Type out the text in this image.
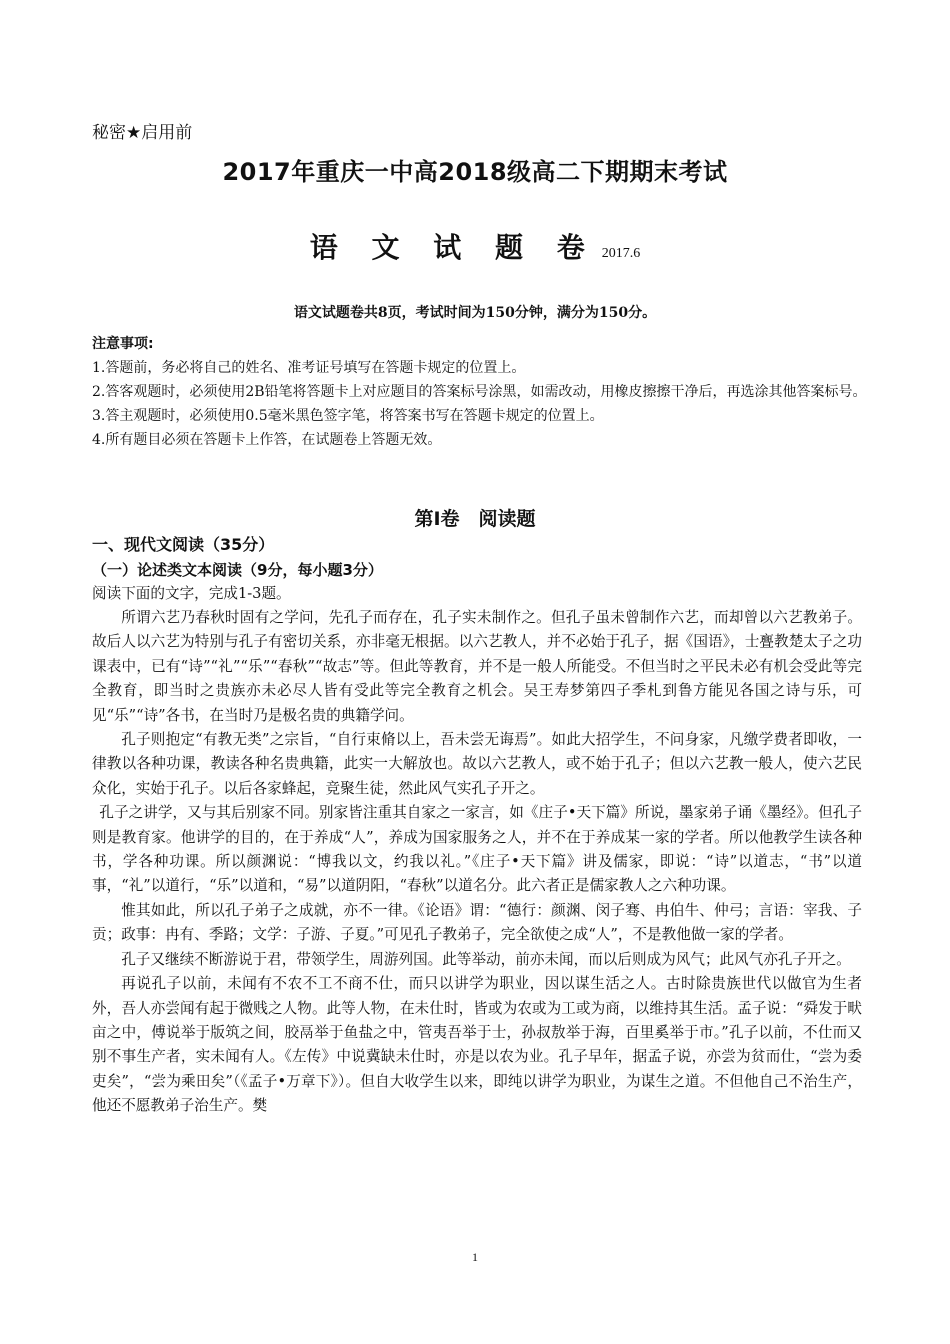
秘密★启用前
2017年重庆一中高2018级高二下期期末考试
语 文 试 题 卷 2017.6
语文试题卷共8页，考试时间为150分钟，满分为150分。
注意事项:
1.答题前，务必将自己的姓名、准考证号填写在答题卡规定的位置上。
2.答客观题时，必须使用2B铅笔将答题卡上对应题目的答案标号涂黑，如需改动，用橡皮擦擦干净后，再选涂其他答案标号。
3.答主观题时，必须使用0.5毫米黑色签字笔，将答案书写在答题卡规定的位置上。
4.所有题目必须在答题卡上作答，在试题卷上答题无效。
第Ⅰ卷　阅读题
一、现代文阅读（35分）
（一）论述类文本阅读（9分，每小题3分）
阅读下面的文字，完成1-3题。

所谓六艺乃春秋时固有之学问，先孔子而存在，孔子实未制作之。但孔子虽未曾制作六艺，而却曾以六艺教弟子。故后人以六艺为特别与孔子有密切关系，亦非毫无根据。以六艺教人，并不必始于孔子，据《国语》，士亹教楚太子之功课表中，已有“诗”“礼”“乐”“春秋”“故志”等。但此等教育，并不是一般人所能受。不但当时之平民未必有机会受此等完全教育，即当时之贵族亦未必尽人皆有受此等完全教育之机会。吴王寿梦第四子季札到鲁方能见各国之诗与乐，可见“乐”“诗”各书，在当时乃是极名贵的典籍学问。

孔子则抱定“有教无类”之宗旨，“自行束脩以上，吾未尝无诲焉”。如此大招学生，不问身家，凡缴学费者即收，一律教以各种功课，教读各种名贵典籍，此实一大解放也。故以六艺教人，或不始于孔子；但以六艺教一般人，使六艺民众化，实始于孔子。以后各家蜂起，竞聚生徒，然此风气实孔子开之。

孔子之讲学，又与其后别家不同。别家皆注重其自家之一家言，如《庄子•天下篇》所说，墨家弟子诵《墨经》。但孔子则是教育家。他讲学的目的，在于养成“人”，养成为国家服务之人，并不在于养成某一家的学者。所以他教学生读各种书，学各种功课。所以颜渊说：“博我以文，约我以礼。”《庄子•天下篇》讲及儒家，即说：“诗”以道志，“书”以道事，“礼”以道行，“乐”以道和，“易”以道阴阳，“春秋”以道名分。此六者正是儒家教人之六种功课。

惟其如此，所以孔子弟子之成就，亦不一律。《论语》谓：“德行：颜渊、闵子骞、冉伯牛、仲弓；言语：宰我、子贡；政事：冉有、季路；文学：子游、子夏。”可见孔子教弟子，完全欲使之成“人”，不是教他做一家的学者。

孔子又继续不断游说于君，带领学生，周游列国。此等举动，前亦未闻，而以后则成为风气；此风气亦孔子开之。

再说孔子以前，未闻有不农不工不商不仕，而只以讲学为职业，因以谋生活之人。古时除贵族世代以做官为生者外，吾人亦尝闻有起于微贱之人物。此等人物，在未仕时，皆或为农或为工或为商，以维持其生活。孟子说：“舜发于畎亩之中，傅说举于版筑之间，胶鬲举于鱼盐之中，管夷吾举于士，孙叔敖举于海，百里奚举于市。”孔子以前，不仕而又别不事生产者，实未闻有人。《左传》中说冀缺未仕时，亦是以农为业。孔子早年，据孟子说，亦尝为贫而仕，“尝为委吏矣”，“尝为乘田矣”（《孟子•万章下》）。但自大收学生以来，即纯以讲学为职业，为谋生之道。不但他自己不治生产，他还不愿教弟子治生产。樊

1
